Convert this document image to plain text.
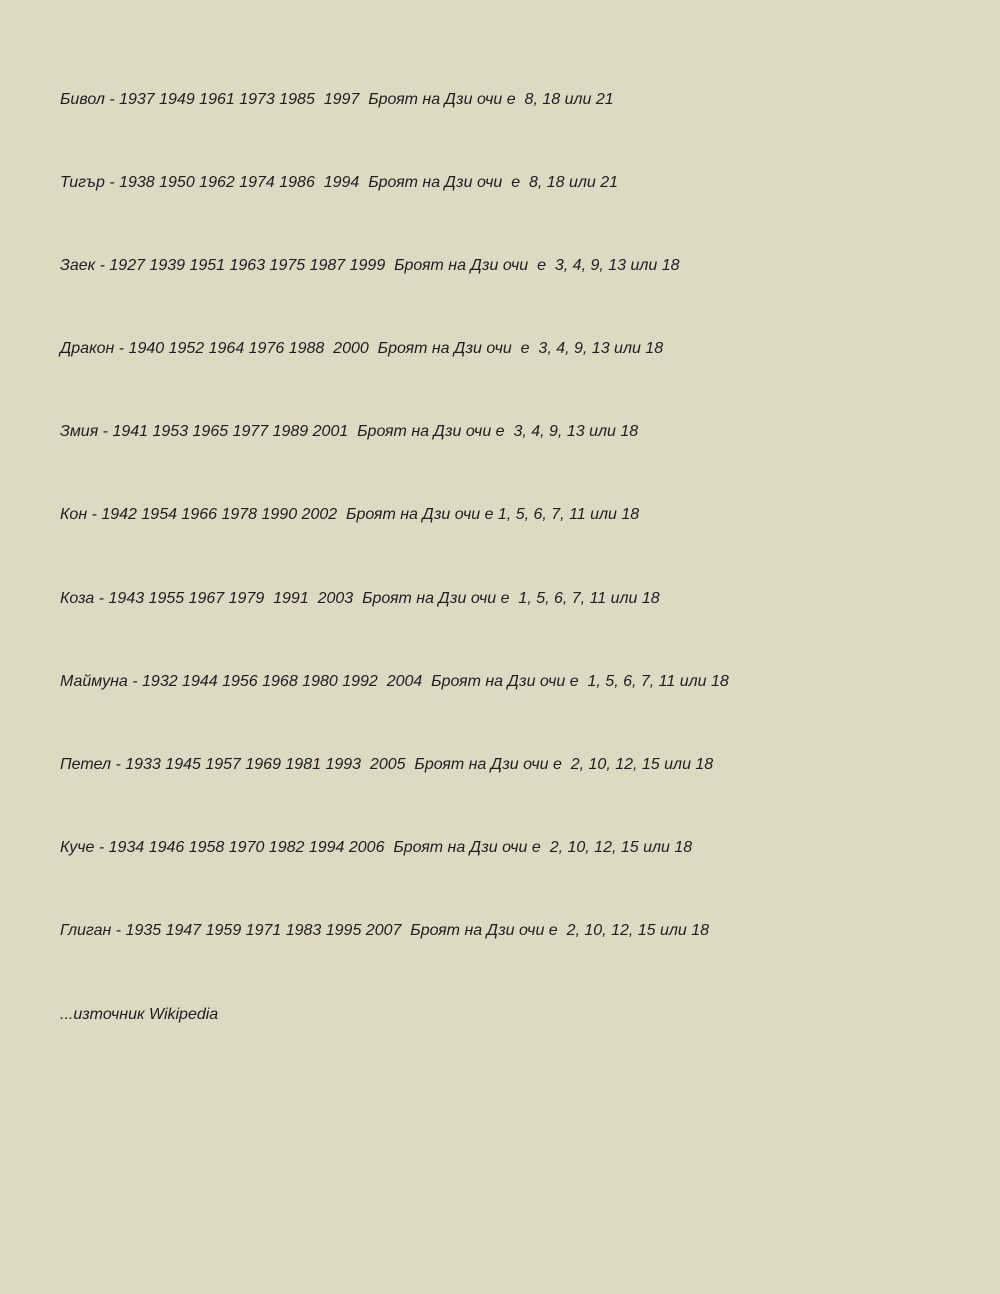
Бивол - 1937 1949 1961 1973 1985  1997  Броят на Дзи очи е  8, 18 или 21
Тигър - 1938 1950 1962 1974 1986  1994  Броят на Дзи очи  е  8, 18 или 21
Заек - 1927 1939 1951 1963 1975 1987 1999  Броят на Дзи очи  е  3, 4, 9, 13 или 18
Дракон - 1940 1952 1964 1976 1988  2000  Броят на Дзи очи  е  3, 4, 9, 13 или 18
Змия - 1941 1953 1965 1977 1989 2001  Броят на Дзи очи е  3, 4, 9, 13 или 18
Кон - 1942 1954 1966 1978 1990 2002  Броят на Дзи очи е 1, 5, 6, 7, 11 или 18
Коза - 1943 1955 1967 1979  1991  2003  Броят на Дзи очи е  1, 5, 6, 7, 11 или 18
Маймуна - 1932 1944 1956 1968 1980 1992  2004  Броят на Дзи очи е  1, 5, 6, 7, 11 или 18
Петел - 1933 1945 1957 1969 1981 1993  2005  Броят на Дзи очи е  2, 10, 12, 15 или 18
Куче - 1934 1946 1958 1970 1982 1994 2006  Броят на Дзи очи е  2, 10, 12, 15 или 18
Глиган - 1935 1947 1959 1971 1983 1995 2007  Броят на Дзи очи е  2, 10, 12, 15 или 18

...източник Wikipedia
